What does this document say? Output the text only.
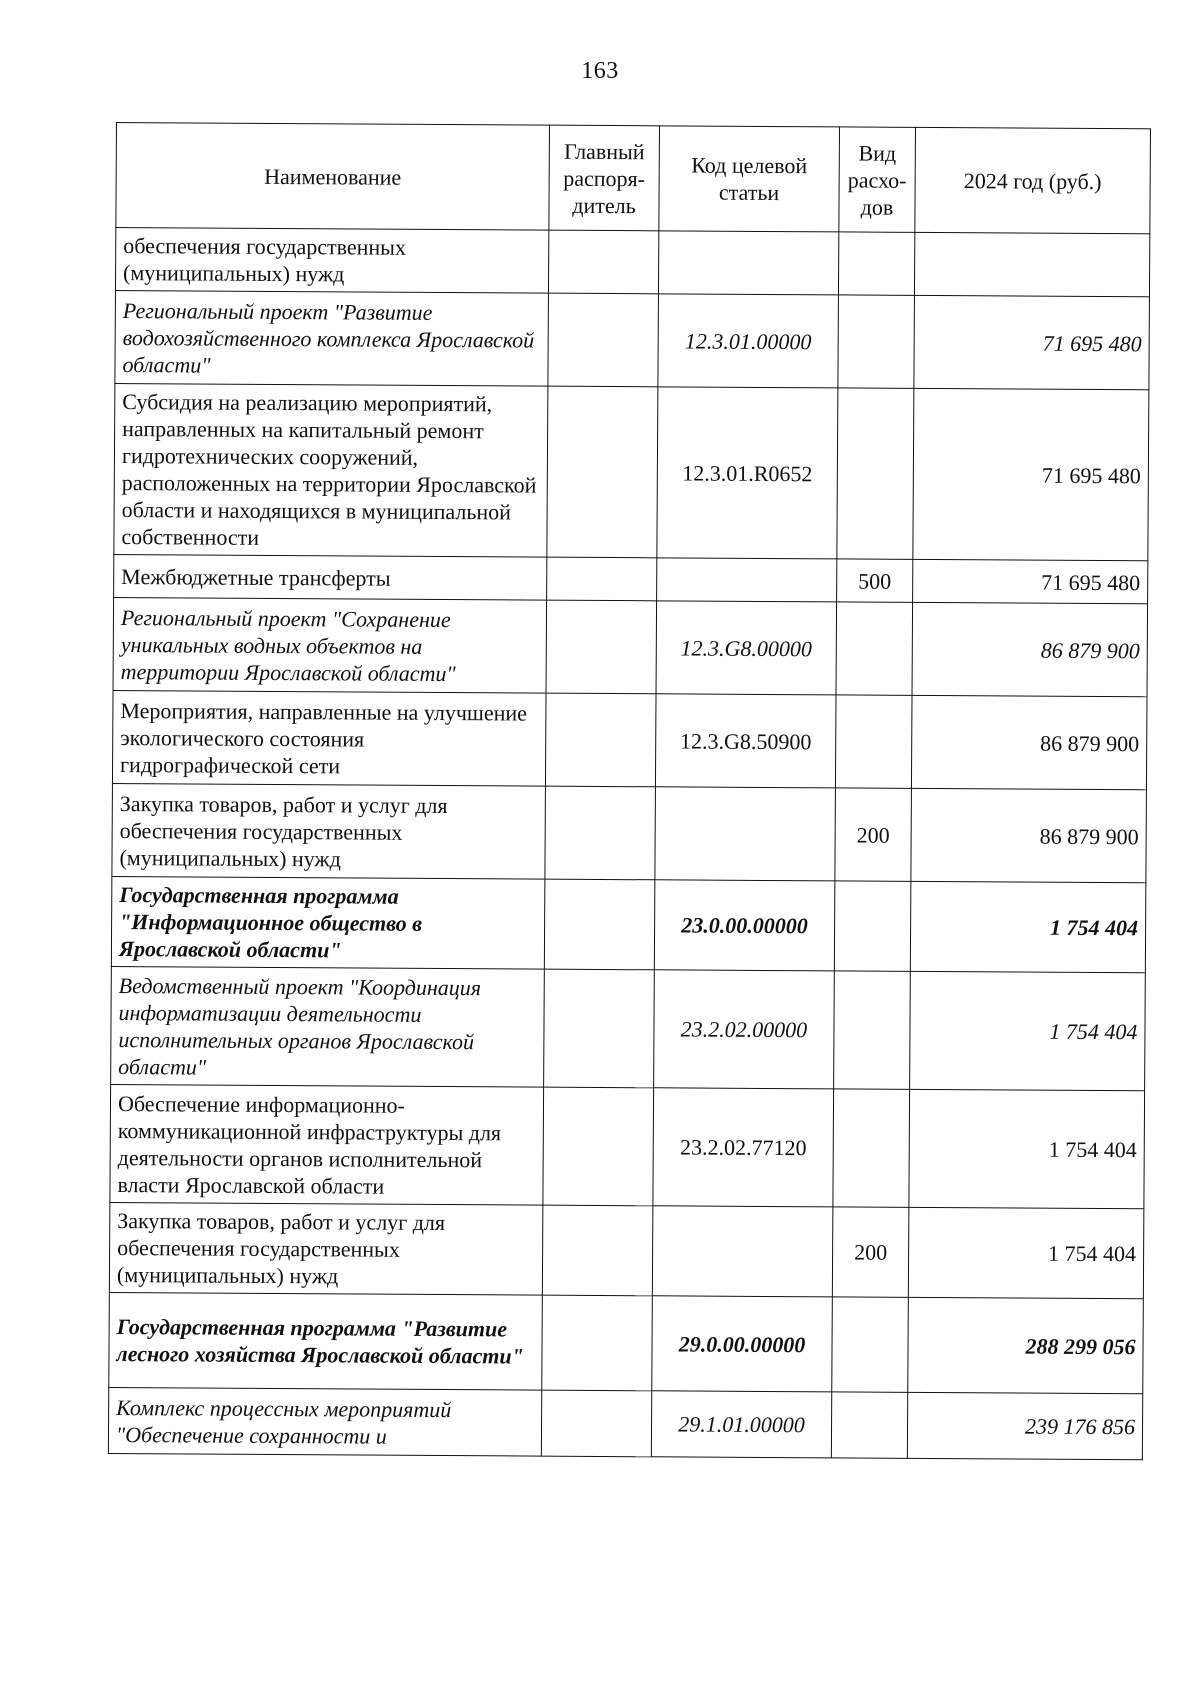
163
Наименование	Главный распоря-дитель	Код целевой статьи	Вид расхо-дов	2024 год (руб.)
обеспечения государственных (муниципальных) нужд				
Региональный проект "Развитие водохозяйственного комплекса Ярославской области"		12.3.01.00000		71 695 480
Субсидия на реализацию мероприятий, направленных на капитальный ремонт гидротехнических сооружений, расположенных на территории Ярославской области и находящихся в муниципальной собственности		12.3.01.R0652		71 695 480
Межбюджетные трансферты			500	71 695 480
Региональный проект "Сохранение уникальных водных объектов на территории Ярославской области"		12.3.G8.00000		86 879 900
Мероприятия, направленные на улучшение экологического состояния гидрографической сети		12.3.G8.50900		86 879 900
Закупка товаров, работ и услуг для обеспечения государственных (муниципальных) нужд			200	86 879 900
Государственная программа "Информационное общество в Ярославской области"		23.0.00.00000		1 754 404
Ведомственный проект "Координация информатизации деятельности исполнительных органов Ярославской области"		23.2.02.00000		1 754 404
Обеспечение информационно-коммуникационной инфраструктуры для деятельности органов исполнительной власти Ярославской области		23.2.02.77120		1 754 404
Закупка товаров, работ и услуг для обеспечения государственных (муниципальных) нужд			200	1 754 404
Государственная программа "Развитие лесного хозяйства Ярославской области"		29.0.00.00000		288 299 056
Комплекс процессных мероприятий "Обеспечение сохранности и		29.1.01.00000		239 176 856
